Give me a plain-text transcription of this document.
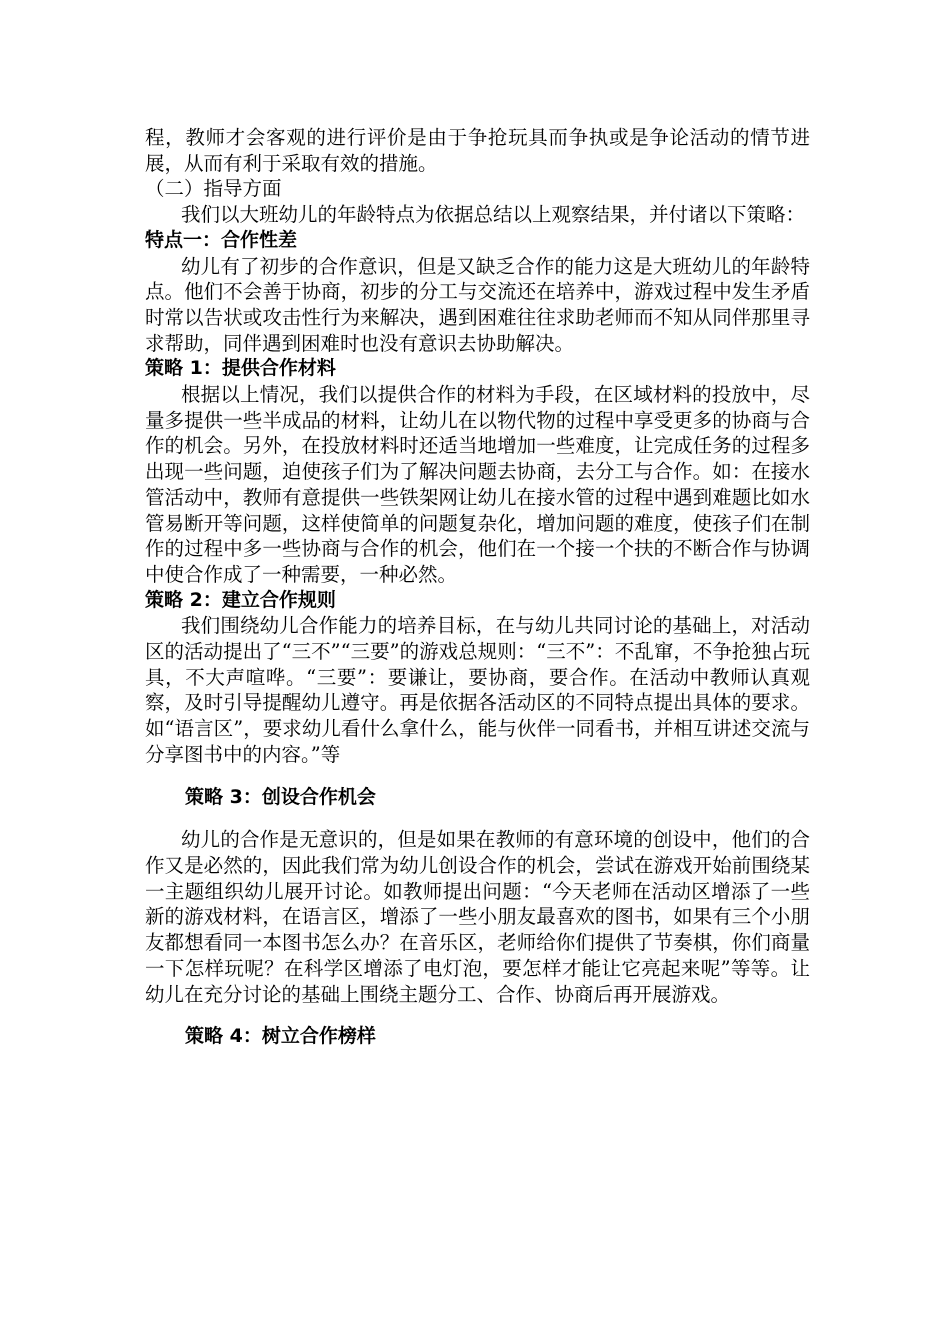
程，教师才会客观的进行评价是由于争抢玩具而争执或是争论活动的情节进展，从而有利于采取有效的措施。

（二）指导方面

我们以大班幼儿的年龄特点为依据总结以上观察结果，并付诸以下策略：

特点一：合作性差

幼儿有了初步的合作意识，但是又缺乏合作的能力这是大班幼儿的年龄特点。他们不会善于协商，初步的分工与交流还在培养中，游戏过程中发生矛盾时常以告状或攻击性行为来解决，遇到困难往往求助老师而不知从同伴那里寻求帮助，同伴遇到困难时也没有意识去协助解决。

策略 1：提供合作材料

根据以上情况，我们以提供合作的材料为手段，在区域材料的投放中，尽量多提供一些半成品的材料，让幼儿在以物代物的过程中享受更多的协商与合作的机会。另外，在投放材料时还适当地增加一些难度，让完成任务的过程多出现一些问题，迫使孩子们为了解决问题去协商，去分工与合作。如：在接水管活动中，教师有意提供一些铁架网让幼儿在接水管的过程中遇到难题比如水管易断开等问题，这样使简单的问题复杂化，增加问题的难度，使孩子们在制作的过程中多一些协商与合作的机会，他们在一个接一个扶的不断合作与协调中使合作成了一种需要，一种必然。

策略 2：建立合作规则

我们围绕幼儿合作能力的培养目标，在与幼儿共同讨论的基础上，对活动区的活动提出了“三不”“三要”的游戏总规则：“三不”：不乱窜，不争抢独占玩具，不大声喧哗。“三要”：要谦让，要协商，要合作。在活动中教师认真观察，及时引导提醒幼儿遵守。再是依据各活动区的不同特点提出具体的要求。如“语言区”，要求幼儿看什么拿什么，能与伙伴一同看书，并相互讲述交流与分享图书中的内容。”等

策略 3：创设合作机会

幼儿的合作是无意识的，但是如果在教师的有意环境的创设中，他们的合作又是必然的，因此我们常为幼儿创设合作的机会，尝试在游戏开始前围绕某一主题组织幼儿展开讨论。如教师提出问题：“今天老师在活动区增添了一些新的游戏材料，在语言区，增添了一些小朋友最喜欢的图书，如果有三个小朋友都想看同一本图书怎么办？在音乐区，老师给你们提供了节奏棋，你们商量一下怎样玩呢？在科学区增添了电灯泡，要怎样才能让它亮起来呢”等等。让幼儿在充分讨论的基础上围绕主题分工、合作、协商后再开展游戏。

策略 4：树立合作榜样
